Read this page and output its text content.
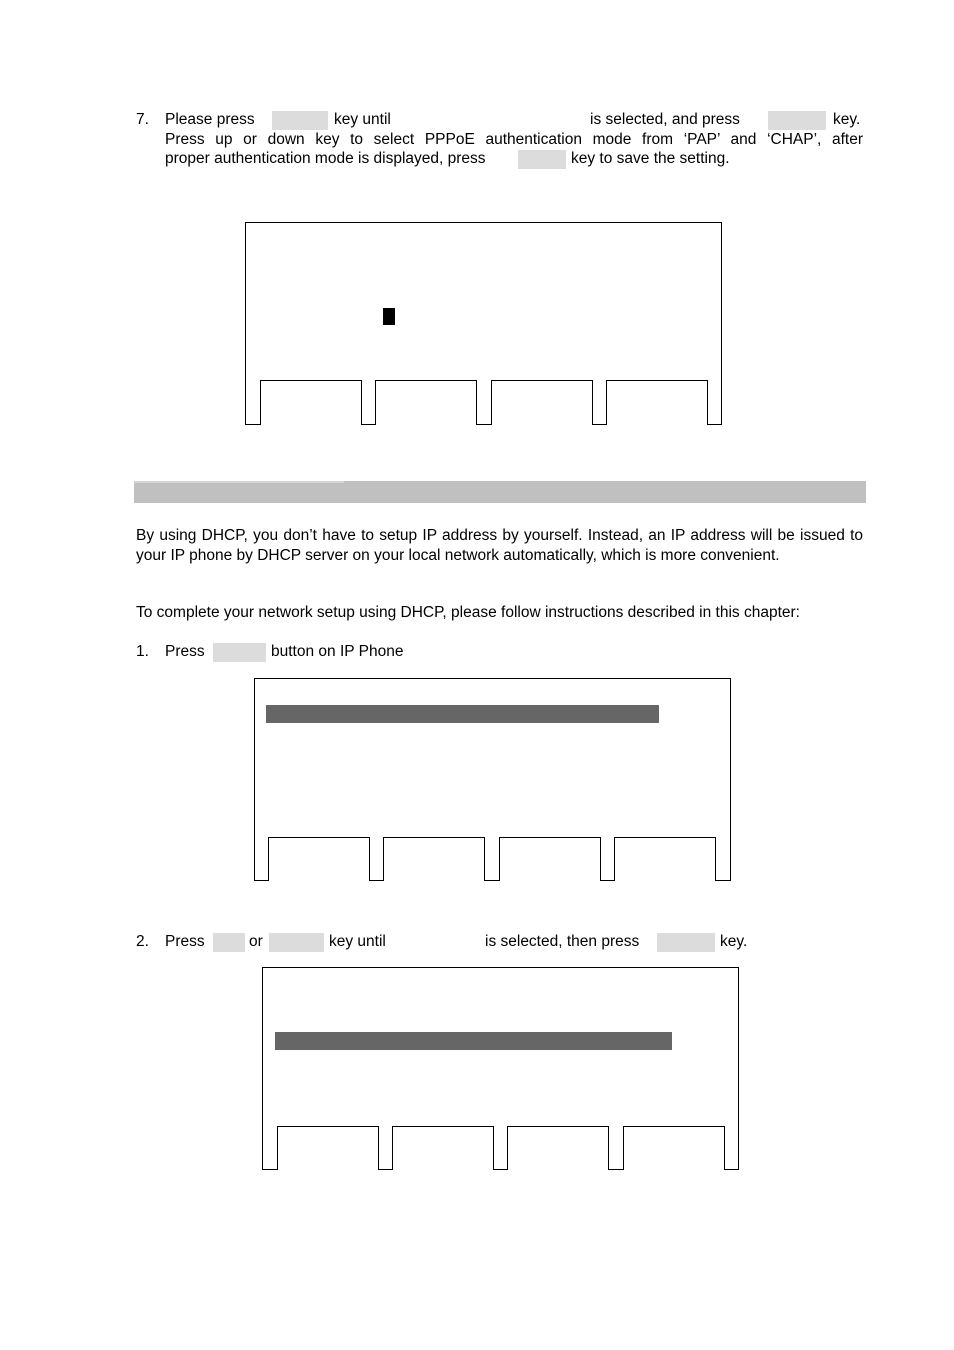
7. Please press	key until	is selected, and press	key.
Press up or down key to select PPPoE authentication mode from ‘PAP’ and ‘CHAP’, after
proper authentication mode is displayed, press	key to save the setting.
By using DHCP, you don’t have to setup IP address by yourself. Instead, an IP address will be issued to your IP phone by DHCP server on your local network automatically, which is more convenient.
To complete your network setup using DHCP, please follow instructions described in this chapter:
1. Press	button on IP Phone
2. Press	or	key until	is selected, then press	key.
